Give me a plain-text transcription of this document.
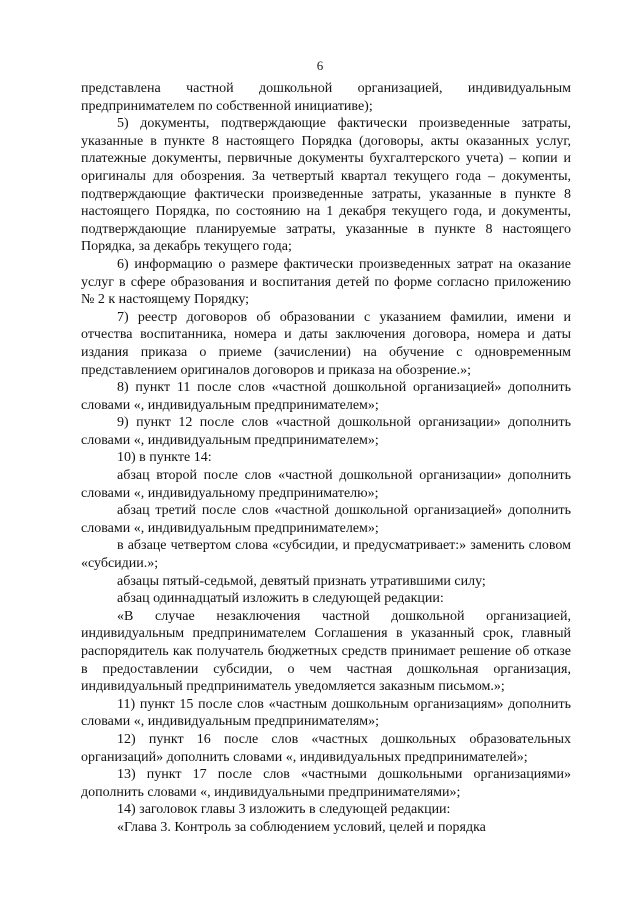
6

представлена частной дошкольной организацией, индивидуальным предпринимателем по собственной инициативе);

5) документы, подтверждающие фактически произведенные затраты, указанные в пункте 8 настоящего Порядка (договоры, акты оказанных услуг, платежные документы, первичные документы бухгалтерского учета) – копии и оригиналы для обозрения. За четвертый квартал текущего года – документы, подтверждающие фактически произведенные затраты, указанные в пункте 8 настоящего Порядка, по состоянию на 1 декабря текущего года, и документы, подтверждающие планируемые затраты, указанные в пункте 8 настоящего Порядка, за декабрь текущего года;

6) информацию о размере фактически произведенных затрат на оказание услуг в сфере образования и воспитания детей по форме согласно приложению № 2 к настоящему Порядку;

7) реестр договоров об образовании с указанием фамилии, имени и отчества воспитанника, номера и даты заключения договора, номера и даты издания приказа о приеме (зачислении) на обучение с одновременным представлением оригиналов договоров и приказа на обозрение.»;

8) пункт 11 после слов «частной дошкольной организацией» дополнить словами «, индивидуальным предпринимателем»;

9) пункт 12 после слов «частной дошкольной организации» дополнить словами «, индивидуальным предпринимателем»;

10) в пункте 14:

абзац второй после слов «частной дошкольной организации» дополнить словами «, индивидуальному предпринимателю»;

абзац третий после слов «частной дошкольной организацией» дополнить словами «, индивидуальным предпринимателем»;

в абзаце четвертом слова «субсидии, и предусматривает:» заменить словом «субсидии.»;

абзацы пятый-седьмой, девятый признать утратившими силу;

абзац одиннадцатый изложить в следующей редакции:

«В случае незаключения частной дошкольной организацией, индивидуальным предпринимателем Соглашения в указанный срок, главный распорядитель как получатель бюджетных средств принимает решение об отказе в предоставлении субсидии, о чем частная дошкольная организация, индивидуальный предприниматель уведомляется заказным письмом.»;

11) пункт 15 после слов «частным дошкольным организациям» дополнить словами «, индивидуальным предпринимателям»;

12) пункт 16 после слов «частных дошкольных образовательных организаций» дополнить словами «, индивидуальных предпринимателей»;

13) пункт 17 после слов «частными дошкольными организациями» дополнить словами «, индивидуальными предпринимателями»;

14) заголовок главы 3 изложить в следующей редакции:

«Глава 3. Контроль за соблюдением условий, целей и порядка
